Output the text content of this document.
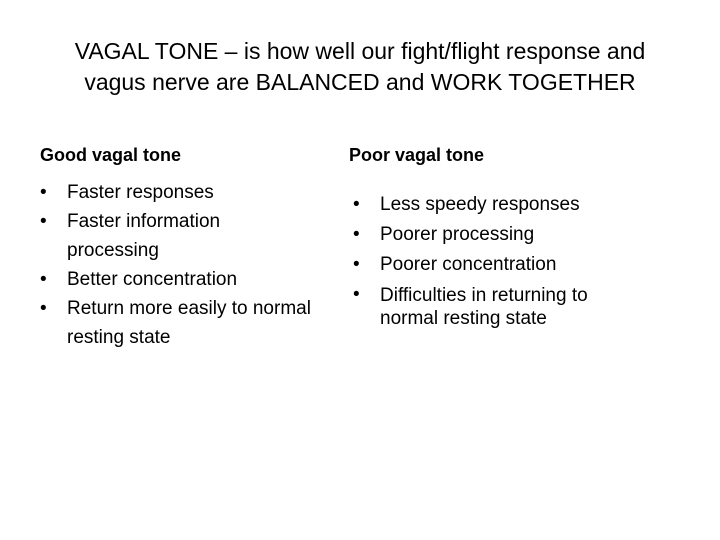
VAGAL TONE – is how well our fight/flight response and
vagus nerve are BALANCED and WORK TOGETHER
Good vagal tone	Poor vagal tone
• Faster responses
• Faster information processing
• Better concentration
• Return more easily to normal resting state
• Less speedy responses
• Poorer processing
• Poorer concentration
• Difficulties in returning to normal resting state
